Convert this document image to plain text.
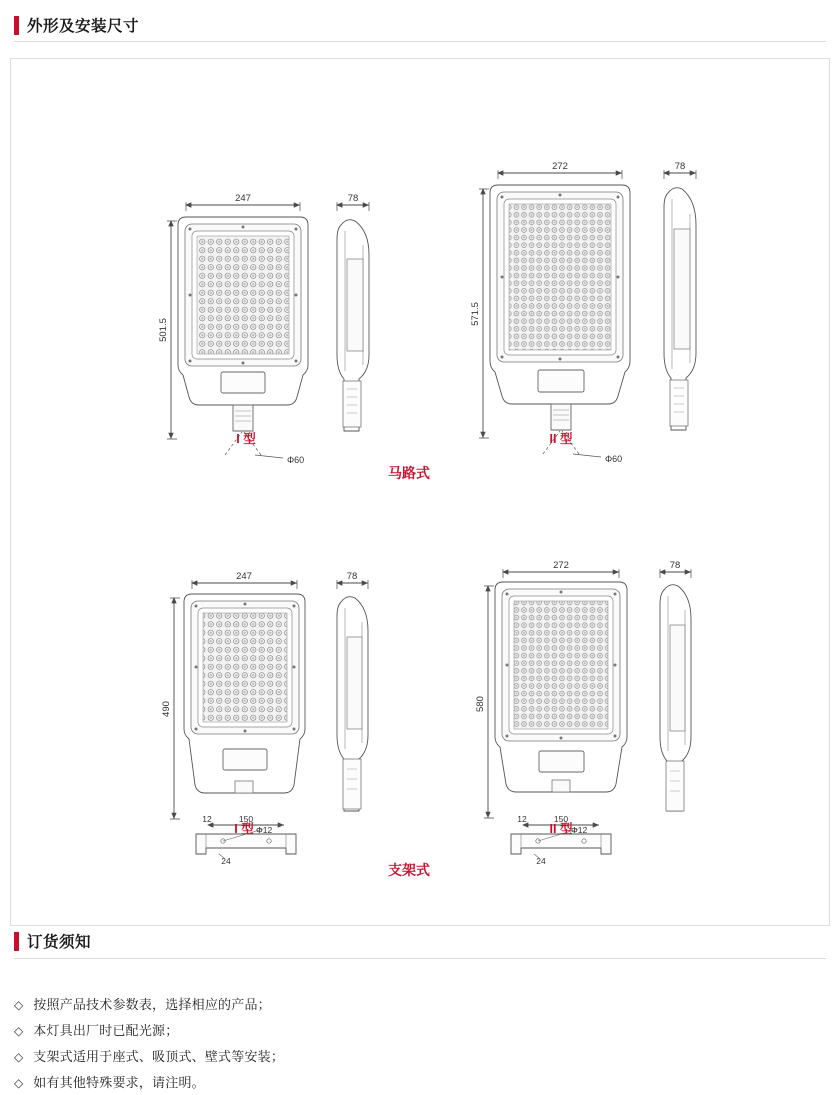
外形及安装尺寸
247
501.5
Φ60
78
272
571.5
Φ60
78
247
490
150
12
Φ12
24
78
272
580
150
12
Φ12
24
78
I 型	II 型
马路式
I 型	II 型
支架式
订货须知
◇ 按照产品技术参数表，选择相应的产品；
◇ 本灯具出厂时已配光源；
◇ 支架式适用于座式、吸顶式、壁式等安装；
◇ 如有其他特殊要求，请注明。
